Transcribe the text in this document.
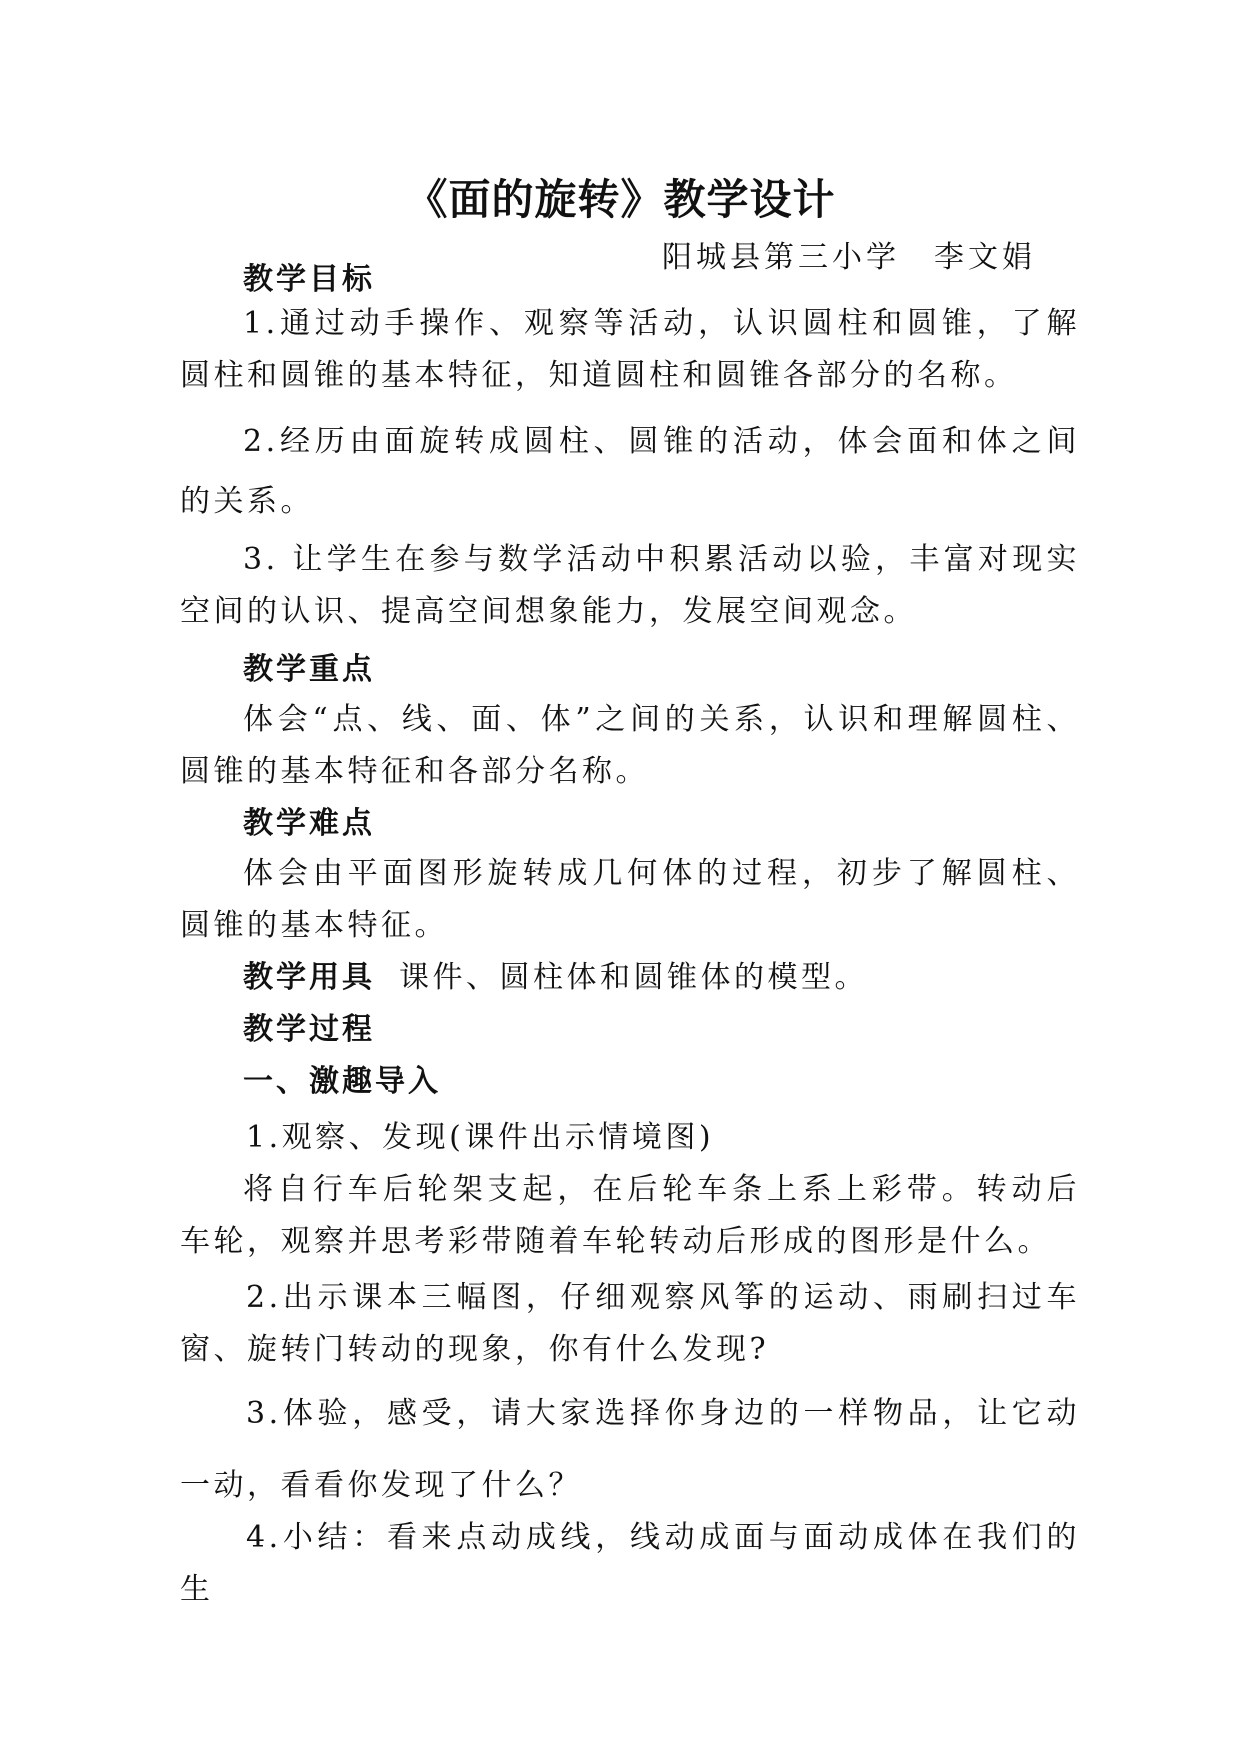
《面的旋转》教学设计

阳城县第三小学　李文娟

教学目标

1.通过动手操作、观察等活动，认识圆柱和圆锥，了解圆柱和圆锥的基本特征，知道圆柱和圆锥各部分的名称。

2.经历由面旋转成圆柱、圆锥的活动，体会面和体之间的关系。

3. 让学生在参与数学活动中积累活动以验，丰富对现实空间的认识、提高空间想象能力，发展空间观念。

教学重点

体会“点、线、面、体”之间的关系，认识和理解圆柱、圆锥的基本特征和各部分名称。

教学难点

体会由平面图形旋转成几何体的过程，初步了解圆柱、圆锥的基本特征。

教学用具 课件、圆柱体和圆锥体的模型。

教学过程

一、激趣导入

1.观察、发现(课件出示情境图)

将自行车后轮架支起，在后轮车条上系上彩带。转动后车轮，观察并思考彩带随着车轮转动后形成的图形是什么。

2.出示课本三幅图，仔细观察风筝的运动、雨刷扫过车窗、旋转门转动的现象，你有什么发现?

3.体验，感受，请大家选择你身边的一样物品，让它动一动，看看你发现了什么？

4.小结：看来点动成线，线动成面与面动成体在我们的生
